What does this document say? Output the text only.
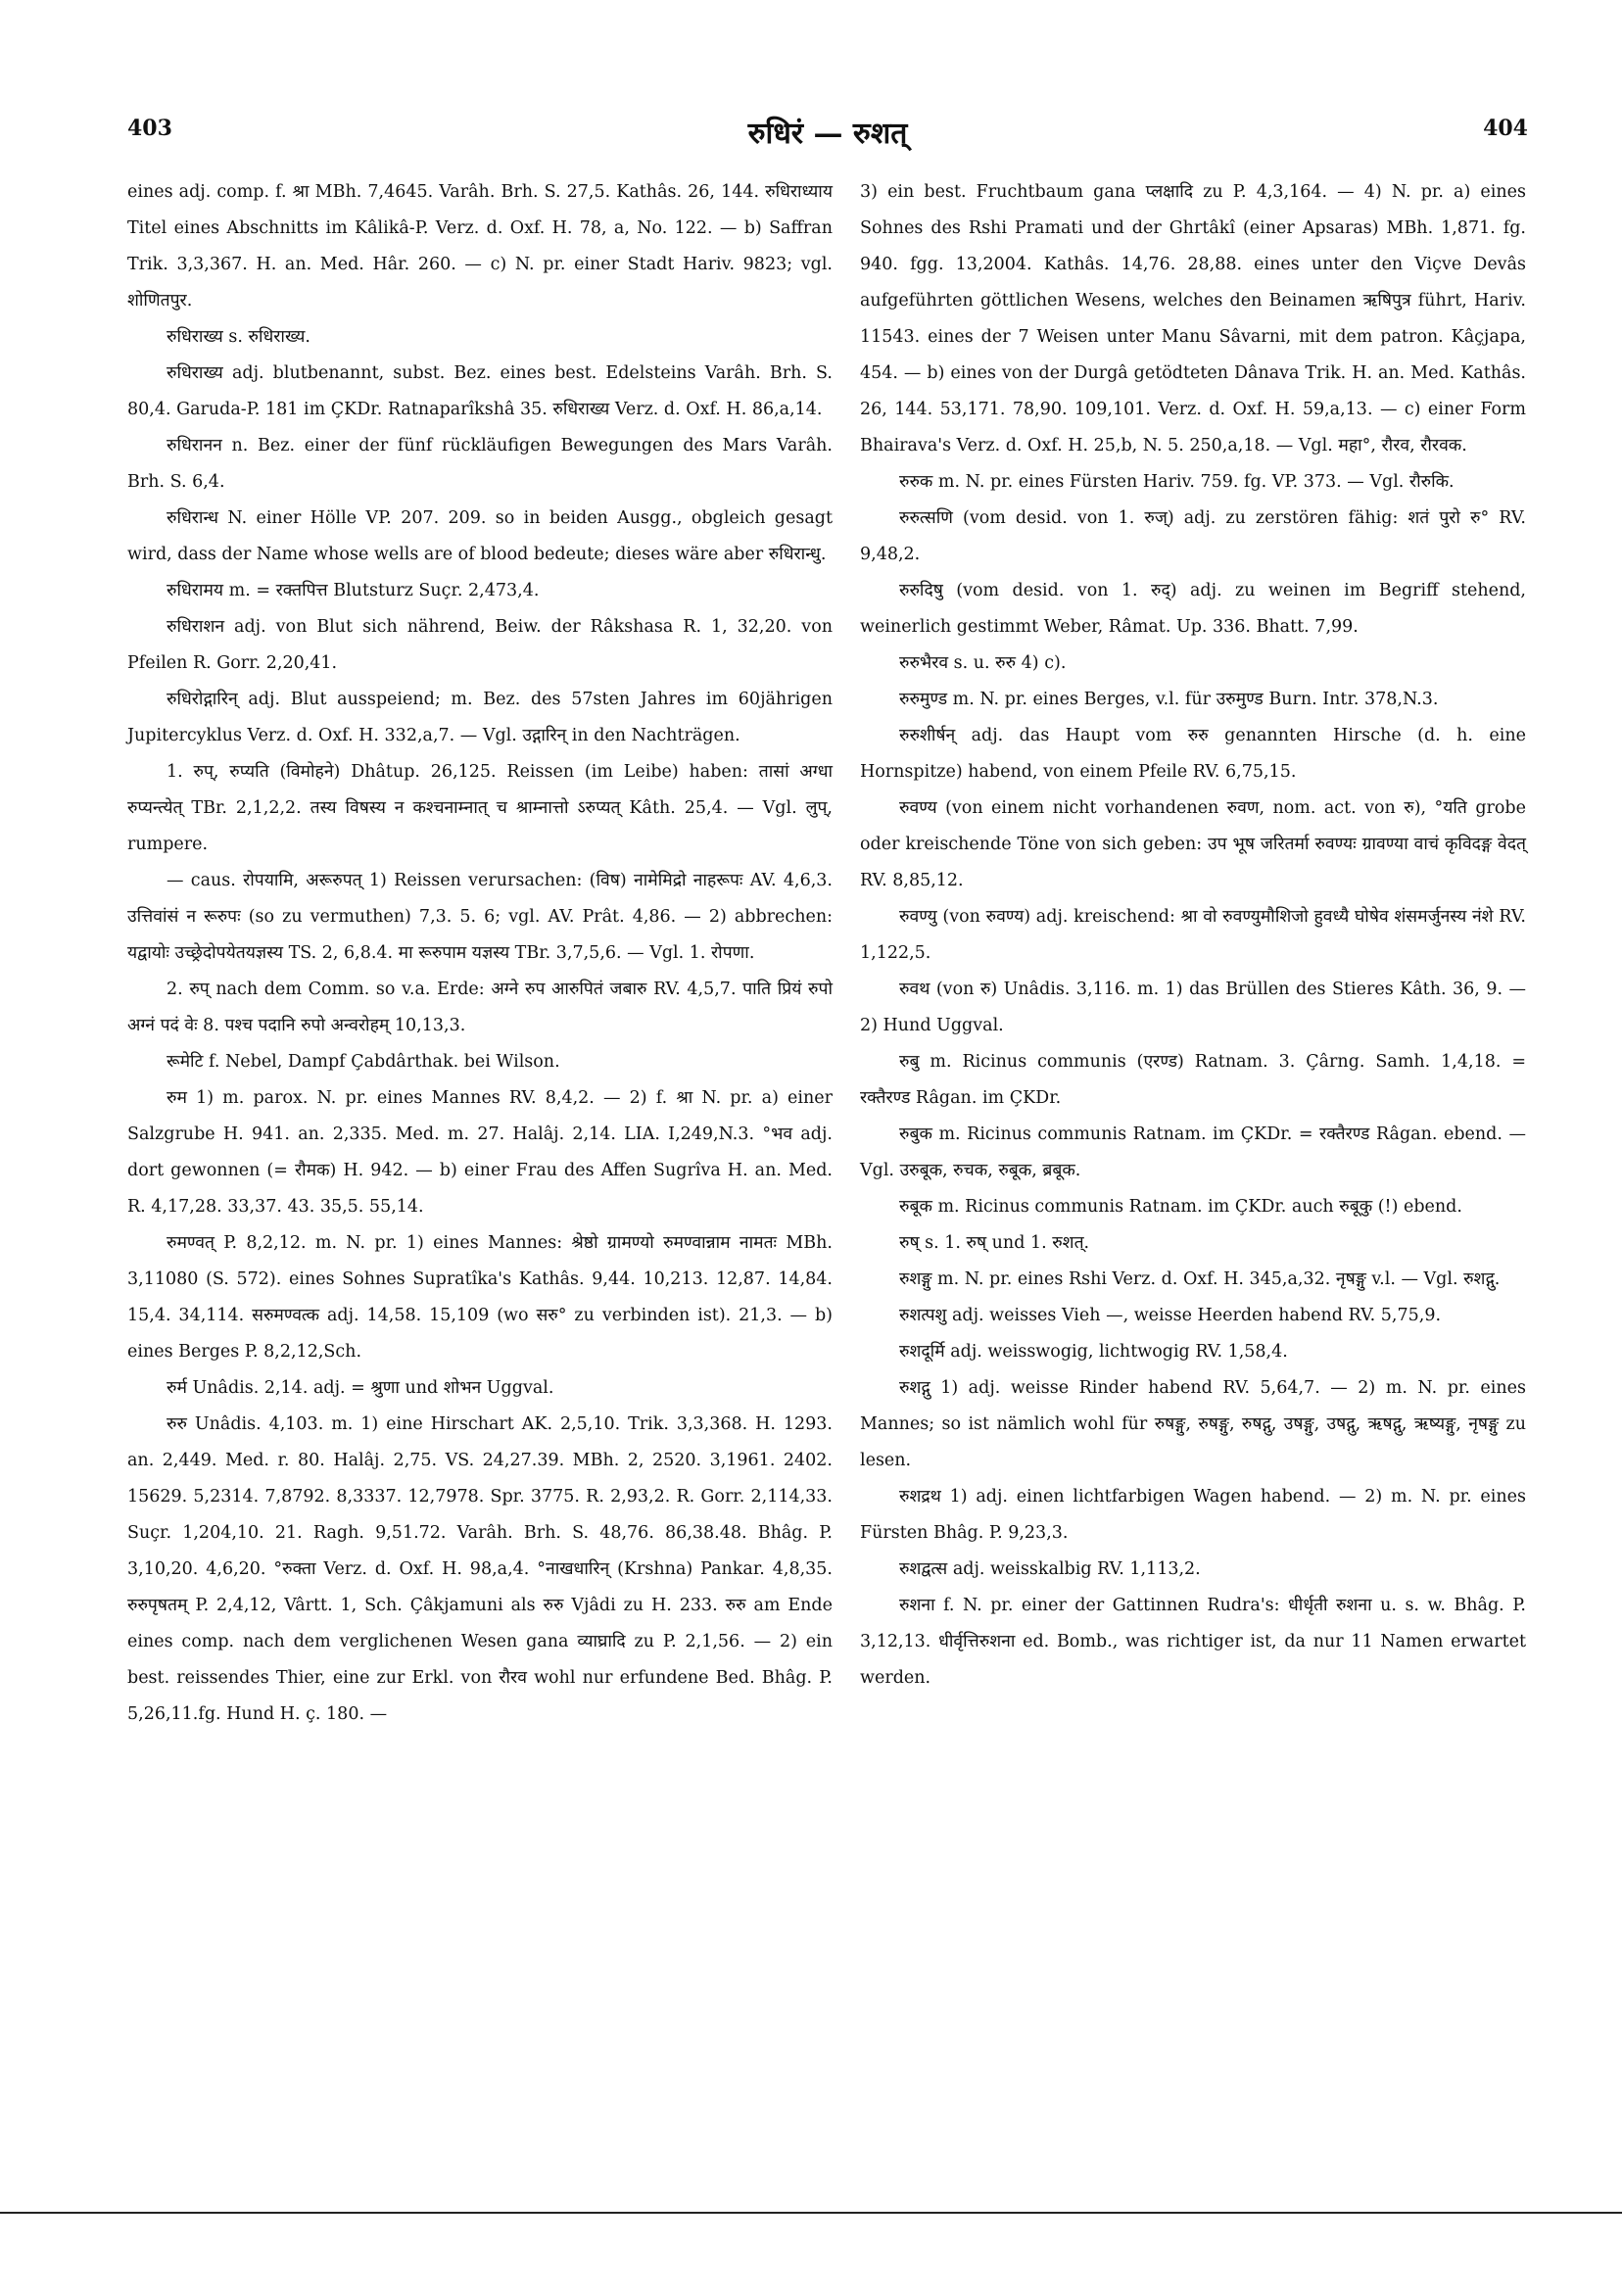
403	रुधिरं — रुशत्	404

eines adj. comp. f. श्रा MBh. 7,4645. Varâh. Brh. S. 27,5. Kathâs. 26, 144. रुधिराध्याय Titel eines Abschnitts im Kâlikâ-P. Verz. d. Oxf. H. 78, a, No. 122. — b) Saffran Trik. 3,3,367. H. an. Med. Hâr. 260. — c) N. pr. einer Stadt Hariv. 9823; vgl. शोणितपुर.

रुधिराख्य s. रुधिराख्य.

रुधिराख्य adj. blutbenannt, subst. Bez. eines best. Edelsteins Varâh. Brh. S. 80,4. Garuda-P. 181 im ÇKDr. Ratnaparîkshâ 35. रुधिराख्य Verz. d. Oxf. H. 86,a,14.

रुधिरानन n. Bez. einer der fünf rückläufigen Bewegungen des Mars Varâh. Brh. S. 6,4.

रुधिरान्ध N. einer Hölle VP. 207. 209. so in beiden Ausgg., obgleich gesagt wird, dass der Name whose wells are of blood bedeute; dieses wäre aber रुधिरान्धु.

रुधिरामय m. = रक्तपित्त Blutsturz Suçr. 2,473,4.

रुधिराशन adj. von Blut sich nährend, Beiw. der Râkshasa R. 1, 32,20. von Pfeilen R. Gorr. 2,20,41.

रुधिरोद्गारिन् adj. Blut ausspeiend; m. Bez. des 57sten Jahres im 60jährigen Jupitercyklus Verz. d. Oxf. H. 332,a,7. — Vgl. उद्गारिन् in den Nachträgen.

1. रुप्, रुप्यति (विमोहने) Dhâtup. 26,125. Reissen (im Leibe) haben: तासां अग्धा रुप्यन्त्येत् TBr. 2,1,2,2. तस्य विषस्य न कश्चनाम्नात् च श्राम्नात्तो ऽरुप्यत् Kâth. 25,4. — Vgl. लुप्, rumpere.

— caus. रोपयामि, अरूरुपत् 1) Reissen verursachen: (विष) नामेमिद्रो नाहरूपः AV. 4,6,3. उत्तिवांसं न रूरुपः (so zu vermuthen) 7,3. 5. 6; vgl. AV. Prât. 4,86. — 2) abbrechen: यद्वायोः उच्छ्रेदोपयेतयज्ञस्य TS. 2, 6,8.4. मा रूरुपाम यज्ञस्य TBr. 3,7,5,6. — Vgl. 1. रोपणा.

2. रुप् nach dem Comm. so v.a. Erde: अग्ने रुप आरुपितं जबारु RV. 4,5,7. पाति प्रियं रुपो अग्नं पदं वेः 8. पश्च पदानि रुपो अन्वरोहम् 10,13,3.

रूमेटि f. Nebel, Dampf Çabdârthak. bei Wilson.

रुम 1) m. parox. N. pr. eines Mannes RV. 8,4,2. — 2) f. श्रा N. pr. a) einer Salzgrube H. 941. an. 2,335. Med. m. 27. Halâj. 2,14. LIA. I,249,N.3. °भव adj. dort gewonnen (= रौमक) H. 942. — b) einer Frau des Affen Sugrîva H. an. Med. R. 4,17,28. 33,37. 43. 35,5. 55,14.

रुमण्वत् P. 8,2,12. m. N. pr. 1) eines Mannes: श्रेष्ठो ग्रामण्यो रुमण्वान्नाम नामतः MBh. 3,11080 (S. 572). eines Sohnes Supratîka's Kathâs. 9,44. 10,213. 12,87. 14,84. 15,4. 34,114. सरुमण्वत्क adj. 14,58. 15,109 (wo सरु° zu verbinden ist). 21,3. — b) eines Berges P. 8,2,12,Sch.

रुर्म Unâdis. 2,14. adj. = श्रुणा und शोभन Uggval.

रुरु Unâdis. 4,103. m. 1) eine Hirschart AK. 2,5,10. Trik. 3,3,368. H. 1293. an. 2,449. Med. r. 80. Halâj. 2,75. VS. 24,27.39. MBh. 2, 2520. 3,1961. 2402. 15629. 5,2314. 7,8792. 8,3337. 12,7978. Spr. 3775. R. 2,93,2. R. Gorr. 2,114,33. Suçr. 1,204,10. 21. Ragh. 9,51.72. Varâh. Brh. S. 48,76. 86,38.48. Bhâg. P. 3,10,20. 4,6,20. °रुक्ता Verz. d. Oxf. H. 98,a,4. °नाखधारिन् (Krshna) Pankar. 4,8,35. रुरुपृषतम् P. 2,4,12, Vârtt. 1, Sch. Çâkjamuni als रुरु Vjâdi zu H. 233. रुरु am Ende eines comp. nach dem verglichenen Wesen gana व्याघ्रादि zu P. 2,1,56. — 2) ein best. reissendes Thier, eine zur Erkl. von रौरव wohl nur erfundene Bed. Bhâg. P. 5,26,11.fg. Hund H. ç. 180. —

3) ein best. Fruchtbaum gana प्लक्षादि zu P. 4,3,164. — 4) N. pr. a) eines Sohnes des Rshi Pramati und der Ghrtâkî (einer Apsaras) MBh. 1,871. fg. 940. fgg. 13,2004. Kathâs. 14,76. 28,88. eines unter den Viçve Devâs aufgeführten göttlichen Wesens, welches den Beinamen ऋषिपुत्र führt, Hariv. 11543. eines der 7 Weisen unter Manu Sâvarni, mit dem patron. Kâçjapa, 454. — b) eines von der Durgâ getödteten Dânava Trik. H. an. Med. Kathâs. 26, 144. 53,171. 78,90. 109,101. Verz. d. Oxf. H. 59,a,13. — c) einer Form Bhairava's Verz. d. Oxf. H. 25,b, N. 5. 250,a,18. — Vgl. महा°, रौरव, रौरवक.

रुरुक m. N. pr. eines Fürsten Hariv. 759. fg. VP. 373. — Vgl. रौरुकि.

रुरुत्सणि (vom desid. von 1. रुज्) adj. zu zerstören fähig: शतं पुरो रु° RV. 9,48,2.

रुरुदिषु (vom desid. von 1. रुद्) adj. zu weinen im Begriff stehend, weinerlich gestimmt Weber, Râmat. Up. 336. Bhatt. 7,99.

रुरुभैरव s. u. रुरु 4) c).

रुरुमुण्ड m. N. pr. eines Berges, v.l. für उरुमुण्ड Burn. Intr. 378,N.3.

रुरुशीर्षन् adj. das Haupt vom रुरु genannten Hirsche (d. h. eine Hornspitze) habend, von einem Pfeile RV. 6,75,15.

रुवण्य (von einem nicht vorhandenen रुवण, nom. act. von रु), °यति grobe oder kreischende Töne von sich geben: उप भूष जरितर्मा रुवण्यः ग्रावण्या वाचं कृविदङ्ग वेदत् RV. 8,85,12.

रुवण्यु (von रुवण्य) adj. kreischend: श्रा वो रुवण्युमौशिजो हुवध्यै घोषेव शंसमर्जुनस्य नंशे RV. 1,122,5.

रुवथ (von रु) Unâdis. 3,116. m. 1) das Brüllen des Stieres Kâth. 36, 9. — 2) Hund Uggval.

रुबु m. Ricinus communis (एरण्ड) Ratnam. 3. Çârng. Samh. 1,4,18. = रक्तैरण्ड Râgan. im ÇKDr.

रुबुक m. Ricinus communis Ratnam. im ÇKDr. = रक्तैरण्ड Râgan. ebend. — Vgl. उरुबूक, रुचक, रुबूक, ब्रबूक.

रुबूक m. Ricinus communis Ratnam. im ÇKDr. auch रुबूकु (!) ebend.

रुष् s. 1. रुष् und 1. रुशत्.

रुशङ्गु m. N. pr. eines Rshi Verz. d. Oxf. H. 345,a,32. नृषङ्गु v.l. — Vgl. रुशद्गु.

रुशत्पशु adj. weisses Vieh —, weisse Heerden habend RV. 5,75,9.

रुशदूर्मि adj. weisswogig, lichtwogig RV. 1,58,4.

रुशद्गु 1) adj. weisse Rinder habend RV. 5,64,7. — 2) m. N. pr. eines Mannes; so ist nämlich wohl für रुषङ्गु, रुषङ्गु, रुषद्गु, उषङ्गु, उषद्गु, ऋषद्गु, ऋष्यङ्गु, नृषङ्गु zu lesen.

रुशद्रथ 1) adj. einen lichtfarbigen Wagen habend. — 2) m. N. pr. eines Fürsten Bhâg. P. 9,23,3.

रुशद्वत्स adj. weisskalbig RV. 1,113,2.

रुशना f. N. pr. einer der Gattinnen Rudra's: धीर्धृती रुशना u. s. w. Bhâg. P. 3,12,13. धीर्वृत्तिरुशना ed. Bomb., was richtiger ist, da nur 11 Namen erwartet werden.
